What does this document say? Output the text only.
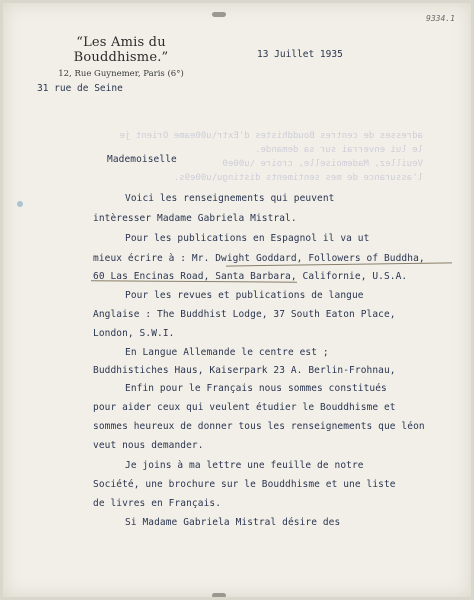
9334.1
adresses de centres Bouddhistes d'Extr\u00eame Orient je
le lui enverrai sur sa demande.
Veuillez, Mademoiselle, croire \u00e0
l'assurance de mes sentiments distingu\u00e9s.
“Les Amis du Bouddhisme.”
12, Rue Guynemer, Paris (6°)
13 Juillet 1935
31 rue de Seine
Mademoiselle
Voici les renseignements qui peuvent
intèresser Madame Gabriela Mistral.
Pour les publications en Espagnol il va ut
mieux écrire à : Mr. Dwight Goddard, Followers of Buddha,
60 Las Encinas Road, Santa Barbara, Californie, U.S.A.
Pour les revues et publications de langue
Anglaise : The Buddhist Lodge, 37 South Eaton Place,
London, S.W.I.
En Langue Allemande le centre est ;
Buddhistiches Haus, Kaiserpark 23 A. Berlin-Frohnau,
Enfin pour le Français nous sommes constitués
pour aider ceux qui veulent étudier le Bouddhisme et
sommes heureux de donner tous les renseignements que léon
veut nous demander.
Je joins à ma lettre une feuille de notre
Société, une brochure sur le Bouddhisme et une liste
de livres en Français.
Si Madame Gabriela Mistral désire des
